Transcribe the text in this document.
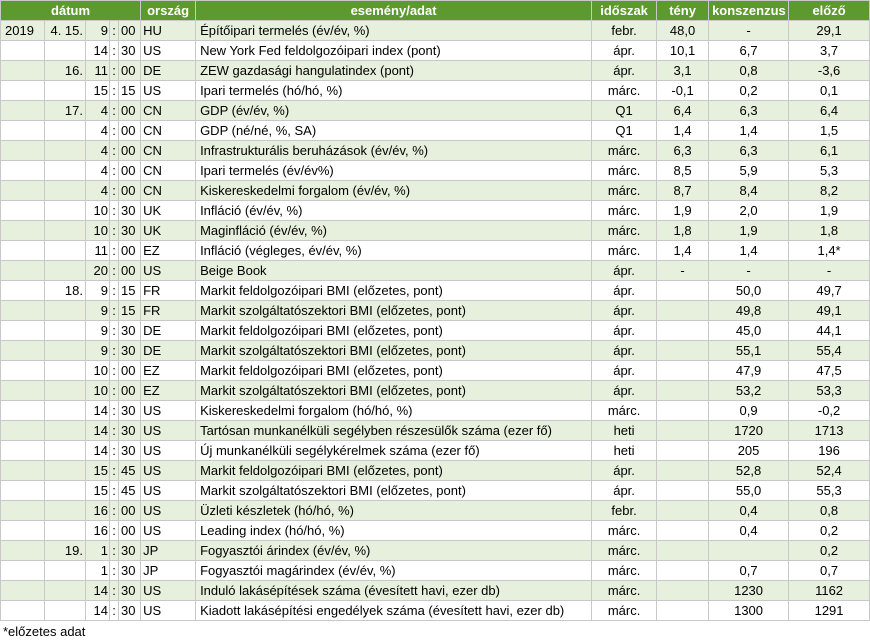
dátum					ország	esemény/adat	időszak	tény	konszenzus	előző
2019	4. 15.	9	:	00	HU	Építőipari termelés (év/év, %)	febr.	48,0	-	29,1
		14	:	30	US	New York Fed feldolgozóipari index (pont)	ápr.	10,1	6,7	3,7
	16.	11	:	00	DE	ZEW gazdasági hangulatindex (pont)	ápr.	3,1	0,8	-3,6
		15	:	15	US	Ipari termelés (hó/hó, %)	márc.	-0,1	0,2	0,1
	17.	4	:	00	CN	GDP (év/év, %)	Q1	6,4	6,3	6,4
		4	:	00	CN	GDP (né/né, %, SA)	Q1	1,4	1,4	1,5
		4	:	00	CN	Infrastrukturális beruházások (év/év, %)	márc.	6,3	6,3	6,1
		4	:	00	CN	Ipari termelés (év/év%)	márc.	8,5	5,9	5,3
		4	:	00	CN	Kiskereskedelmi forgalom (év/év, %)	márc.	8,7	8,4	8,2
		10	:	30	UK	Infláció (év/év, %)	márc.	1,9	2,0	1,9
		10	:	30	UK	Maginfláció (év/év, %)	márc.	1,8	1,9	1,8
		11	:	00	EZ	Infláció (végleges, év/év, %)	márc.	1,4	1,4	1,4*
		20	:	00	US	Beige Book	ápr.	-	-	-
	18.	9	:	15	FR	Markit feldolgozóipari BMI (előzetes, pont)	ápr.		50,0	49,7
		9	:	15	FR	Markit szolgáltatószektori BMI (előzetes, pont)	ápr.		49,8	49,1
		9	:	30	DE	Markit feldolgozóipari BMI (előzetes, pont)	ápr.		45,0	44,1
		9	:	30	DE	Markit szolgáltatószektori BMI (előzetes, pont)	ápr.		55,1	55,4
		10	:	00	EZ	Markit feldolgozóipari BMI (előzetes, pont)	ápr.		47,9	47,5
		10	:	00	EZ	Markit szolgáltatószektori BMI (előzetes, pont)	ápr.		53,2	53,3
		14	:	30	US	Kiskereskedelmi forgalom (hó/hó, %)	márc.		0,9	-0,2
		14	:	30	US	Tartósan munkanélküli segélyben részesülők száma (ezer fő)	heti		1720	1713
		14	:	30	US	Új munkanélküli segélykérelmek száma (ezer fő)	heti		205	196
		15	:	45	US	Markit feldolgozóipari BMI (előzetes, pont)	ápr.		52,8	52,4
		15	:	45	US	Markit szolgáltatószektori BMI (előzetes, pont)	ápr.		55,0	55,3
		16	:	00	US	Üzleti készletek (hó/hó, %)	febr.		0,4	0,8
		16	:	00	US	Leading index (hó/hó, %)	márc.		0,4	0,2
	19.	1	:	30	JP	Fogyasztói árindex (év/év, %)	márc.			0,2
		1	:	30	JP	Fogyasztói magárindex (év/év, %)	márc.		0,7	0,7
		14	:	30	US	Induló lakásépítések száma (évesített havi, ezer db)	márc.		1230	1162
		14	:	30	US	Kiadott lakásépítési engedélyek száma (évesített havi, ezer db)	márc.		1300	1291
*előzetes adat
